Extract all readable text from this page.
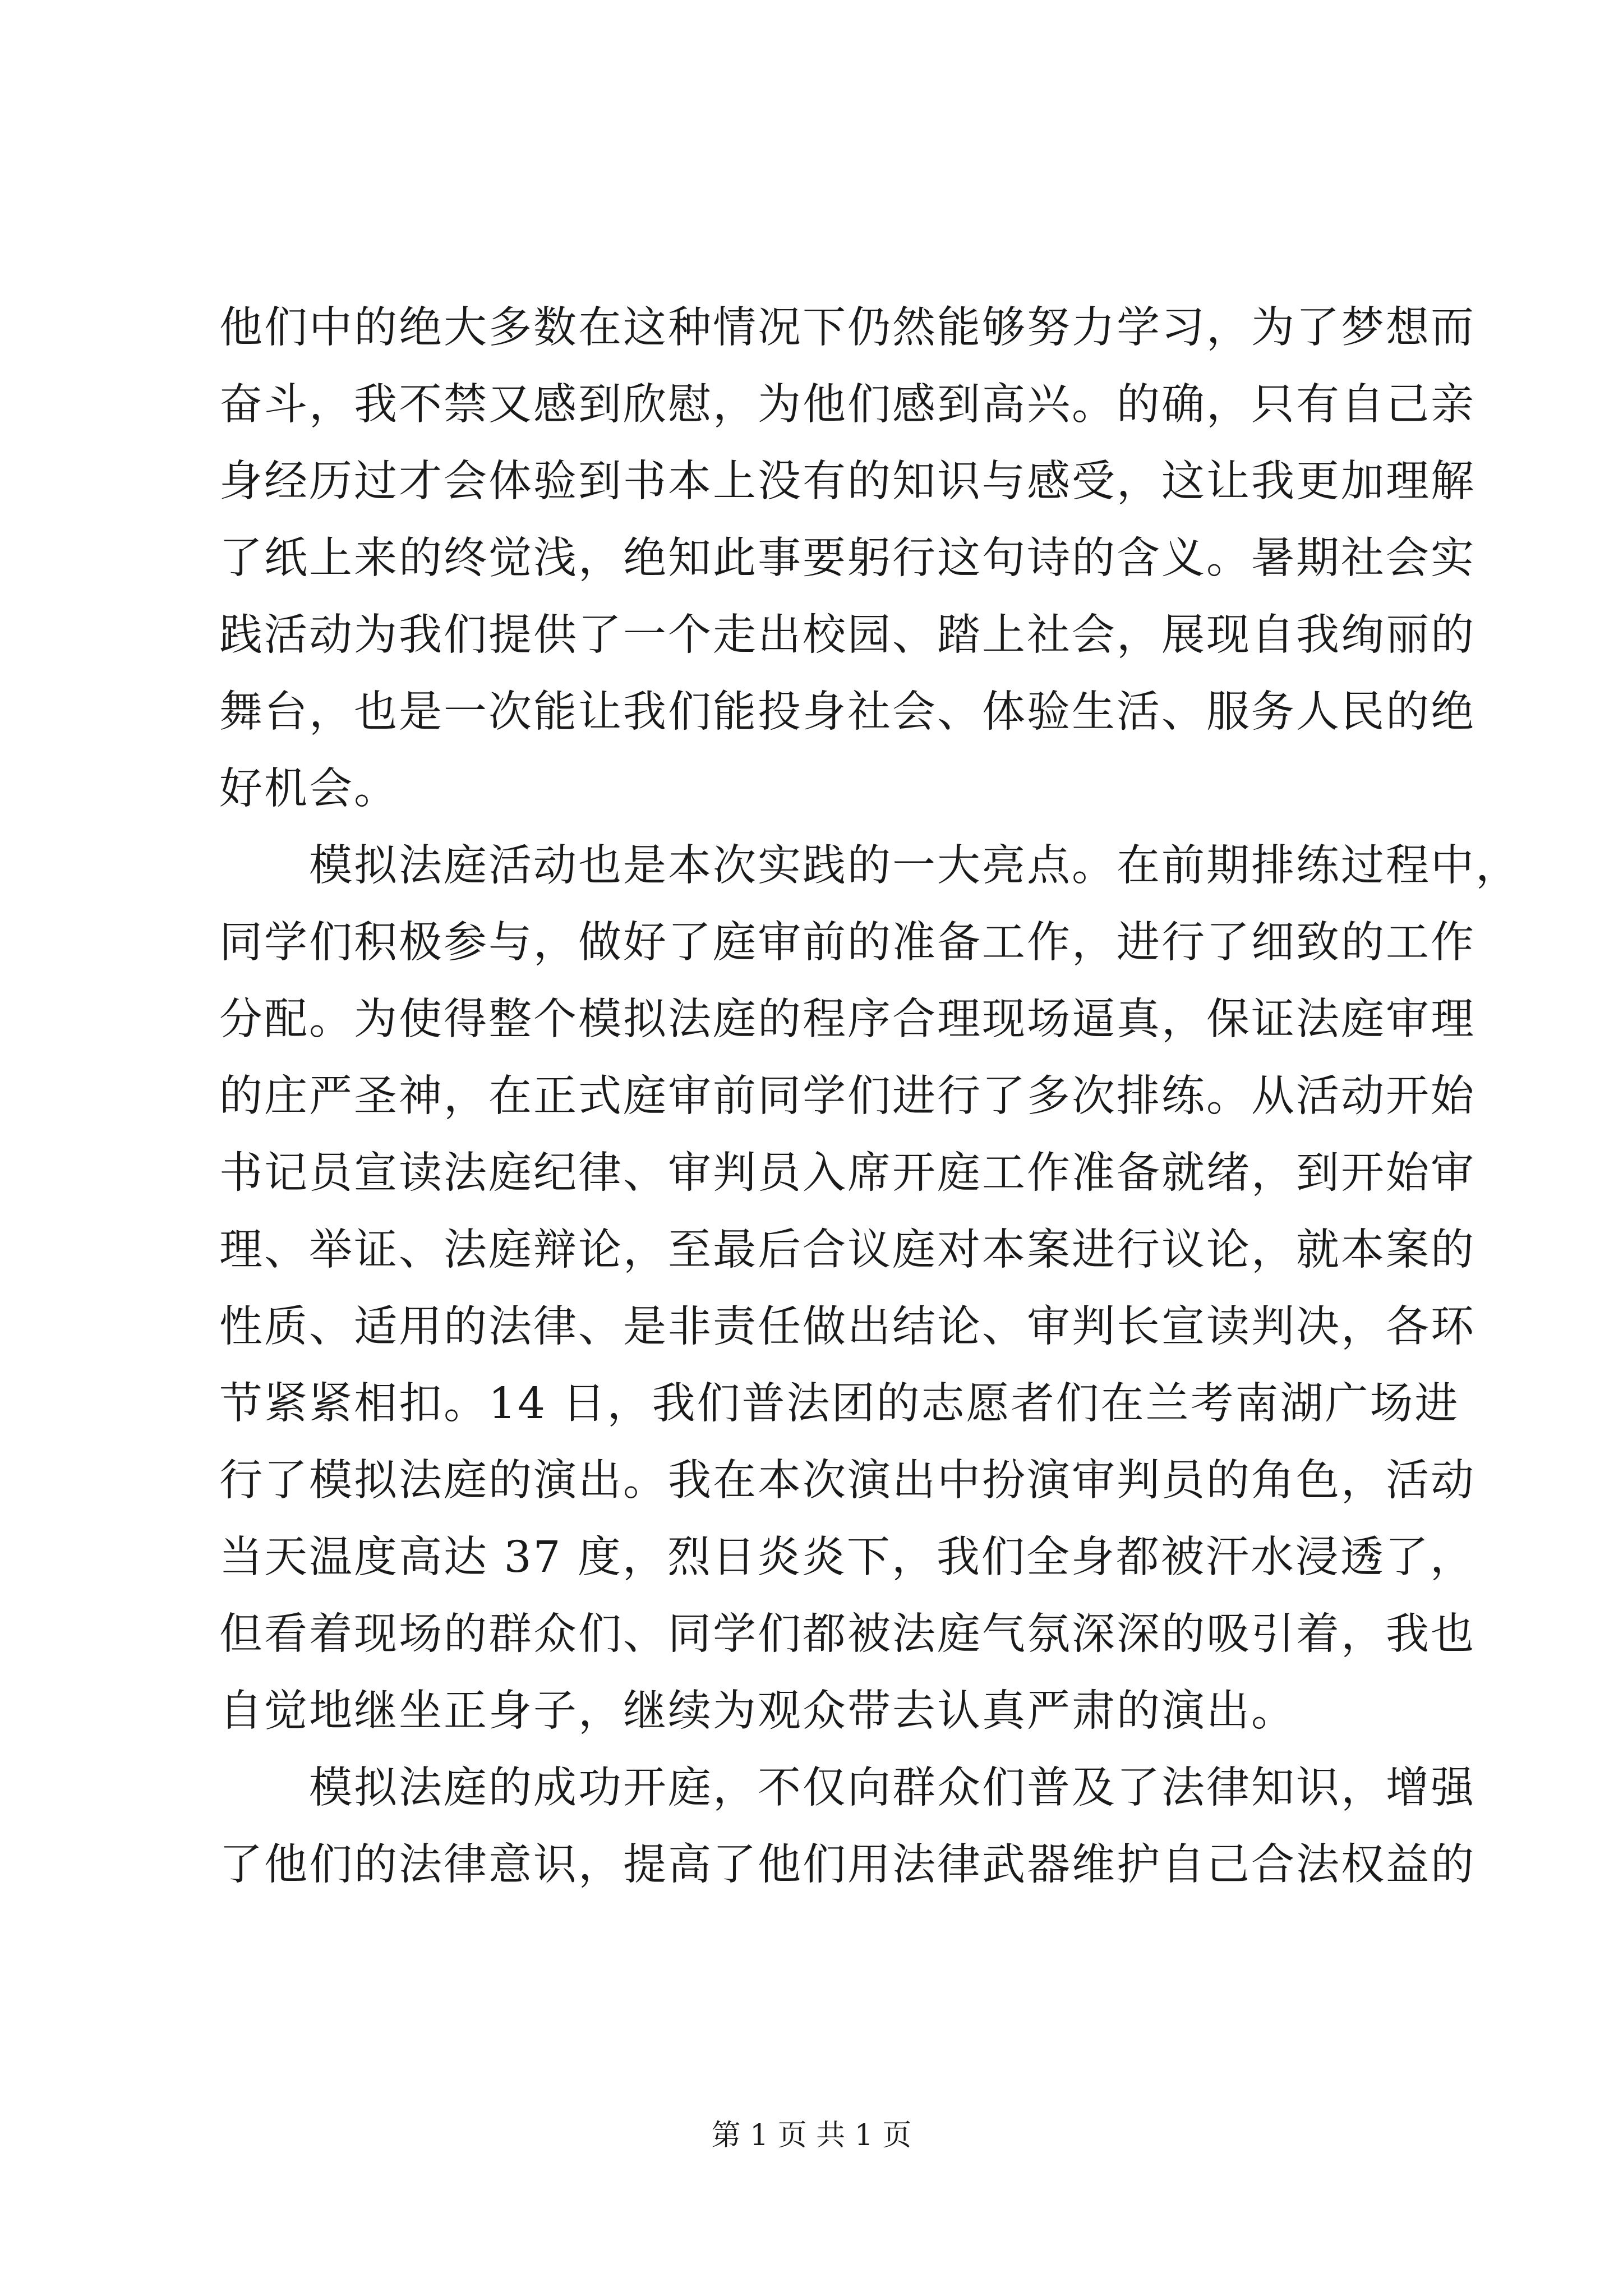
他们中的绝大多数在这种情况下仍然能够努力学习，为了梦想而

奋斗，我不禁又感到欣慰，为他们感到高兴。的确，只有自己亲

身经历过才会体验到书本上没有的知识与感受，这让我更加理解

了纸上来的终觉浅，绝知此事要躬行这句诗的含义。暑期社会实

践活动为我们提供了一个走出校园、踏上社会，展现自我绚丽的

舞台，也是一次能让我们能投身社会、体验生活、服务人民的绝

好机会。

　　模拟法庭活动也是本次实践的一大亮点。在前期排练过程中，

同学们积极参与，做好了庭审前的准备工作，进行了细致的工作

分配。为使得整个模拟法庭的程序合理现场逼真，保证法庭审理

的庄严圣神，在正式庭审前同学们进行了多次排练。从活动开始

书记员宣读法庭纪律、审判员入席开庭工作准备就绪，到开始审

理、举证、法庭辩论，至最后合议庭对本案进行议论，就本案的

性质、适用的法律、是非责任做出结论、审判长宣读判决，各环

节紧紧相扣。14 日，我们普法团的志愿者们在兰考南湖广场进

行了模拟法庭的演出。我在本次演出中扮演审判员的角色，活动

当天温度高达 37 度，烈日炎炎下，我们全身都被汗水浸透了，

但看着现场的群众们、同学们都被法庭气氛深深的吸引着，我也

自觉地继坐正身子，继续为观众带去认真严肃的演出。

　　模拟法庭的成功开庭，不仅向群众们普及了法律知识，增强

了他们的法律意识，提高了他们用法律武器维护自己合法权益的

第 1 页 共 1 页
